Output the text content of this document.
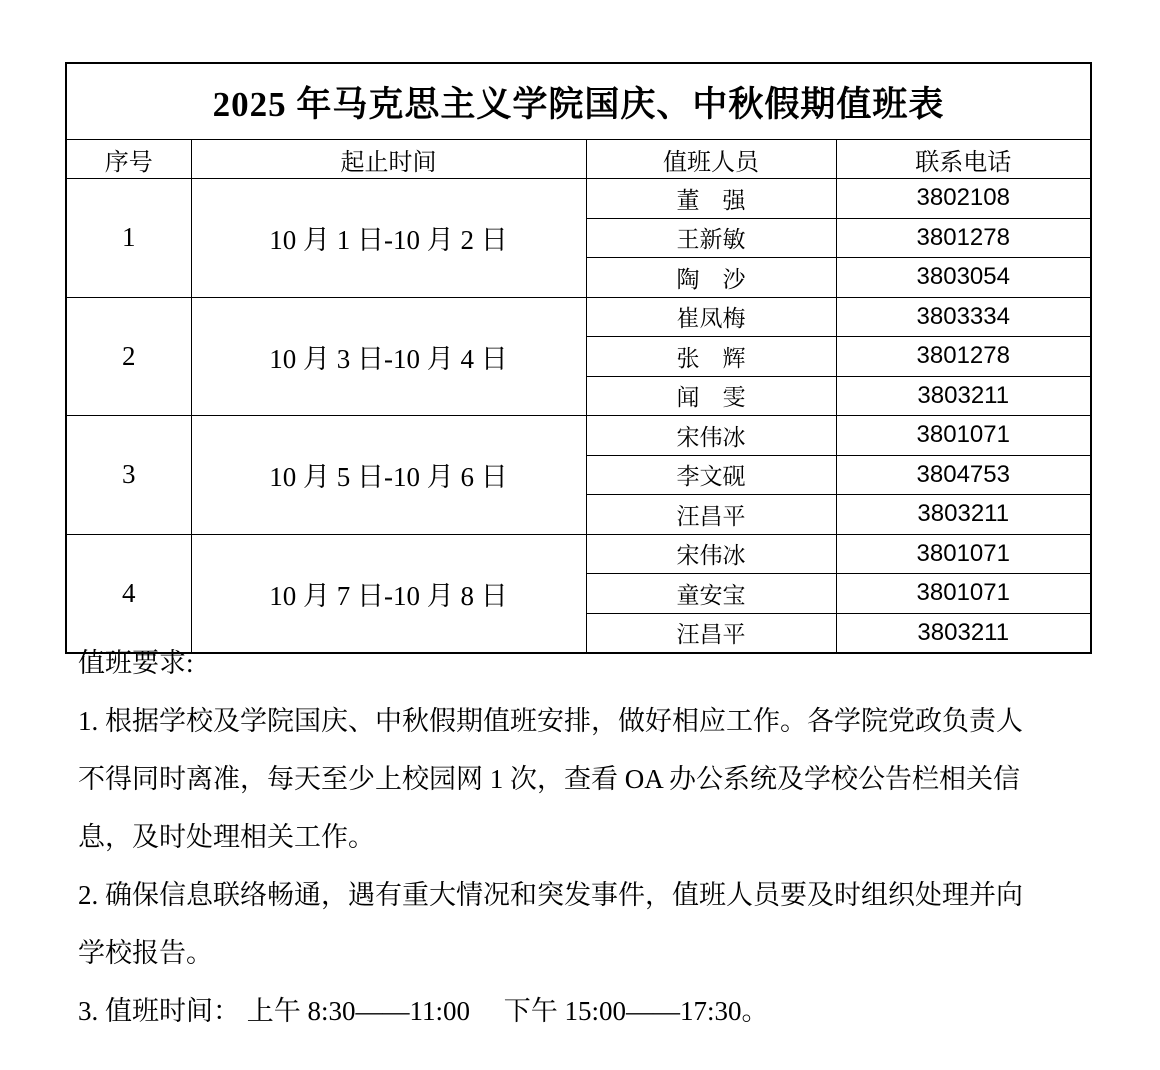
2025 年马克思主义学院国庆、中秋假期值班表			
序号	起止时间	值班人员	联系电话
1	10 月 1 日-10 月 2 日	董　强	3802108
		王新敏	3801278
		陶　沙	3803054
2	10 月 3 日-10 月 4 日	崔凤梅	3803334
		张　辉	3801278
		闻　雯	3803211
3	10 月 5 日-10 月 6 日	宋伟冰	3801071
		李文砚	3804753
		汪昌平	3803211
4	10 月 7 日-10 月 8 日	宋伟冰	3801071
		童安宝	3801071
		汪昌平	3803211
值班要求:
1. 根据学校及学院国庆、中秋假期值班安排，做好相应工作。各学院党政负责人
不得同时离准，每天至少上校园网 1 次，查看 OA 办公系统及学校公告栏相关信
息，及时处理相关工作。
2. 确保信息联络畅通，遇有重大情况和突发事件，值班人员要及时组织处理并向
学校报告。
3. 值班时间： 上午 8:30——11:00　 下午 15:00——17:30。
